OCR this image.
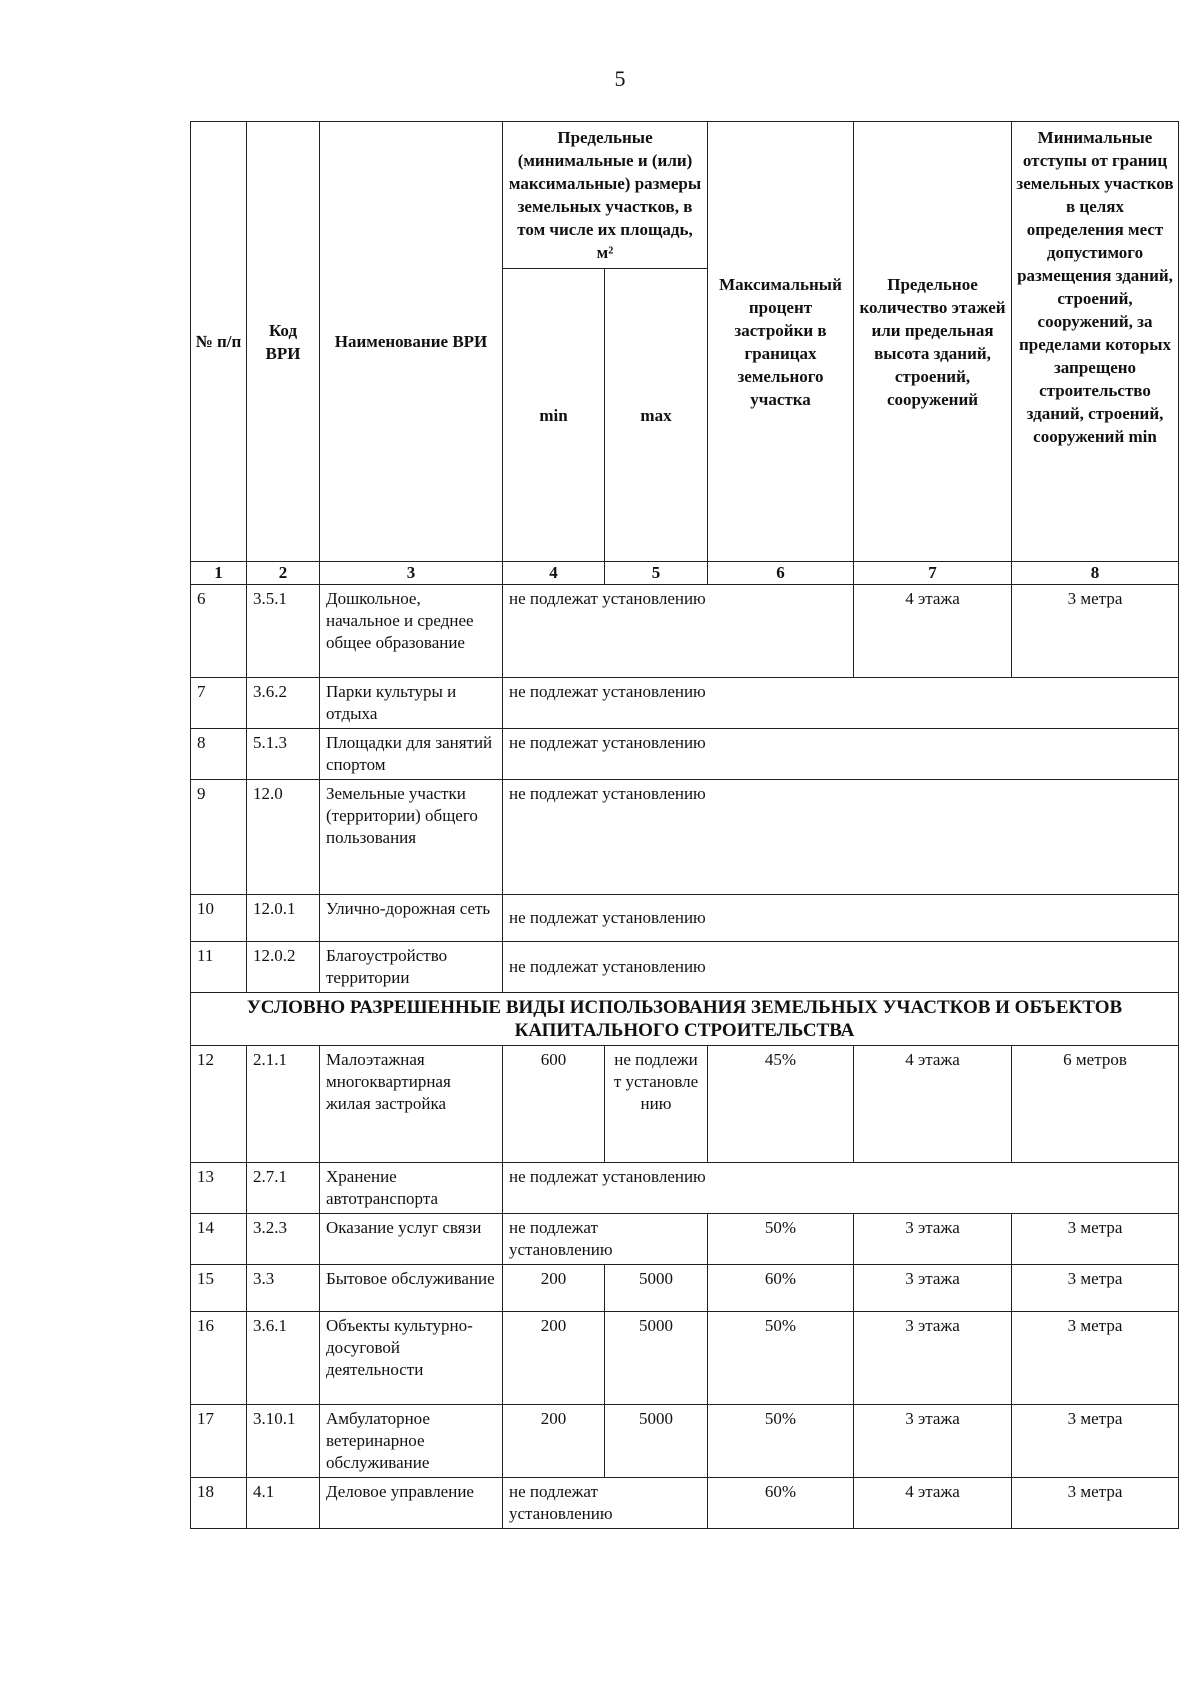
5
№ п/п	Код ВРИ	Наименование ВРИ	Предельные (минимальные и (или) максимальные) размеры земельных участков, в том числе их площадь, м²		Максимальный процент застройки в границах земельного участка	Предельное количество этажей или предельная высота зданий, строений, сооружений	Минимальные отступы от границ земельных участков в целях определения мест допустимого размещения зданий, строений, сооружений, за пределами которых запрещено строительство зданий, строений, сооружений min
			min	max			
1	2	3	4	5	6	7	8
6	3.5.1	Дошкольное, начальное и среднее общее образование	не подлежат установлению			4 этажа	3 метра
7	3.6.2	Парки культуры и отдыха	не подлежат установлению				
8	5.1.3	Площадки для занятий спортом	не подлежат установлению				
9	12.0	Земельные участки (территории) общего пользования	не подлежат установлению				
10	12.0.1	Улично-дорожная сеть	не подлежат установлению				
11	12.0.2	Благоустройство территории	не подлежат установлению				
УСЛОВНО РАЗРЕШЕННЫЕ ВИДЫ ИСПОЛЬЗОВАНИЯ ЗЕМЕЛЬНЫХ УЧАСТКОВ И ОБЪЕКТОВ КАПИТАЛЬНОГО СТРОИТЕЛЬСТВА							
12	2.1.1	Малоэтажная многоквартирная жилая застройка	600	не подлежит установлению	45%	4 этажа	6 метров
13	2.7.1	Хранение автотранспорта	не подлежат установлению				
14	3.2.3	Оказание услуг связи	не подлежат установлению		50%	3 этажа	3 метра
15	3.3	Бытовое обслуживание	200	5000	60%	3 этажа	3 метра
16	3.6.1	Объекты культурно-досуговой деятельности	200	5000	50%	3 этажа	3 метра
17	3.10.1	Амбулаторное ветеринарное обслуживание	200	5000	50%	3 этажа	3 метра
18	4.1	Деловое управление	не подлежат установлению		60%	4 этажа	3 метра
